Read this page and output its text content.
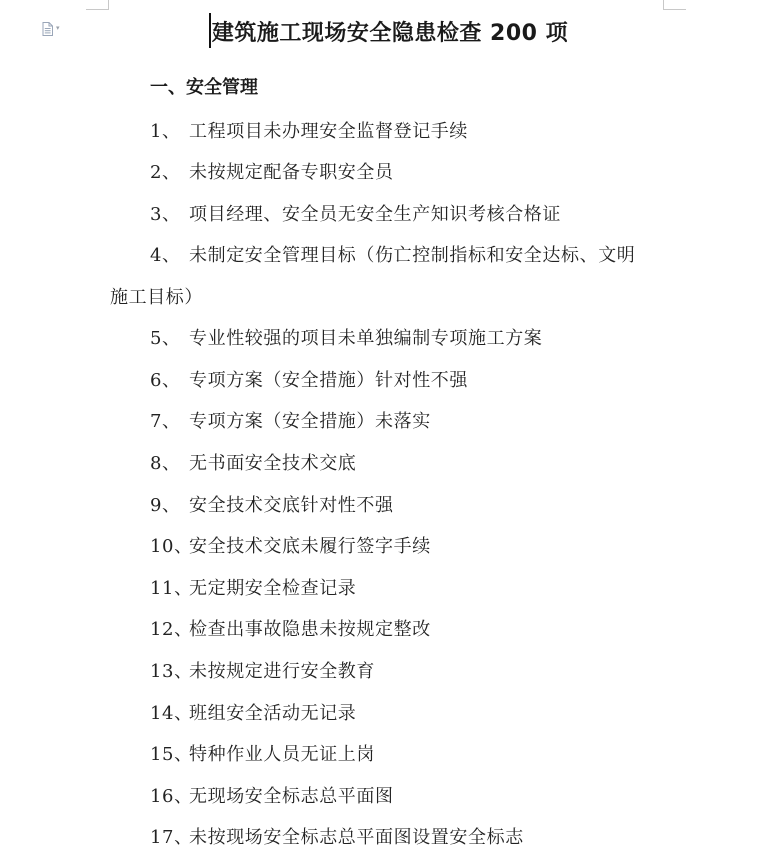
▾	建筑施工现场安全隐患检查 200 项
一、安全管理
1、 工程项目未办理安全监督登记手续
2、 未按规定配备专职安全员
3、 项目经理、安全员无安全生产知识考核合格证
4、 未制定安全管理目标（伤亡控制指标和安全达标、文明
施工目标）
5、 专业性较强的项目未单独编制专项施工方案
6、 专项方案（安全措施）针对性不强
7、 专项方案（安全措施）未落实
8、 无书面安全技术交底
9、 安全技术交底针对性不强
10、安全技术交底未履行签字手续
11、无定期安全检查记录
12、检查出事故隐患未按规定整改
13、未按规定进行安全教育
14、班组安全活动无记录
15、特种作业人员无证上岗
16、无现场安全标志总平面图
17、未按现场安全标志总平面图设置安全标志
